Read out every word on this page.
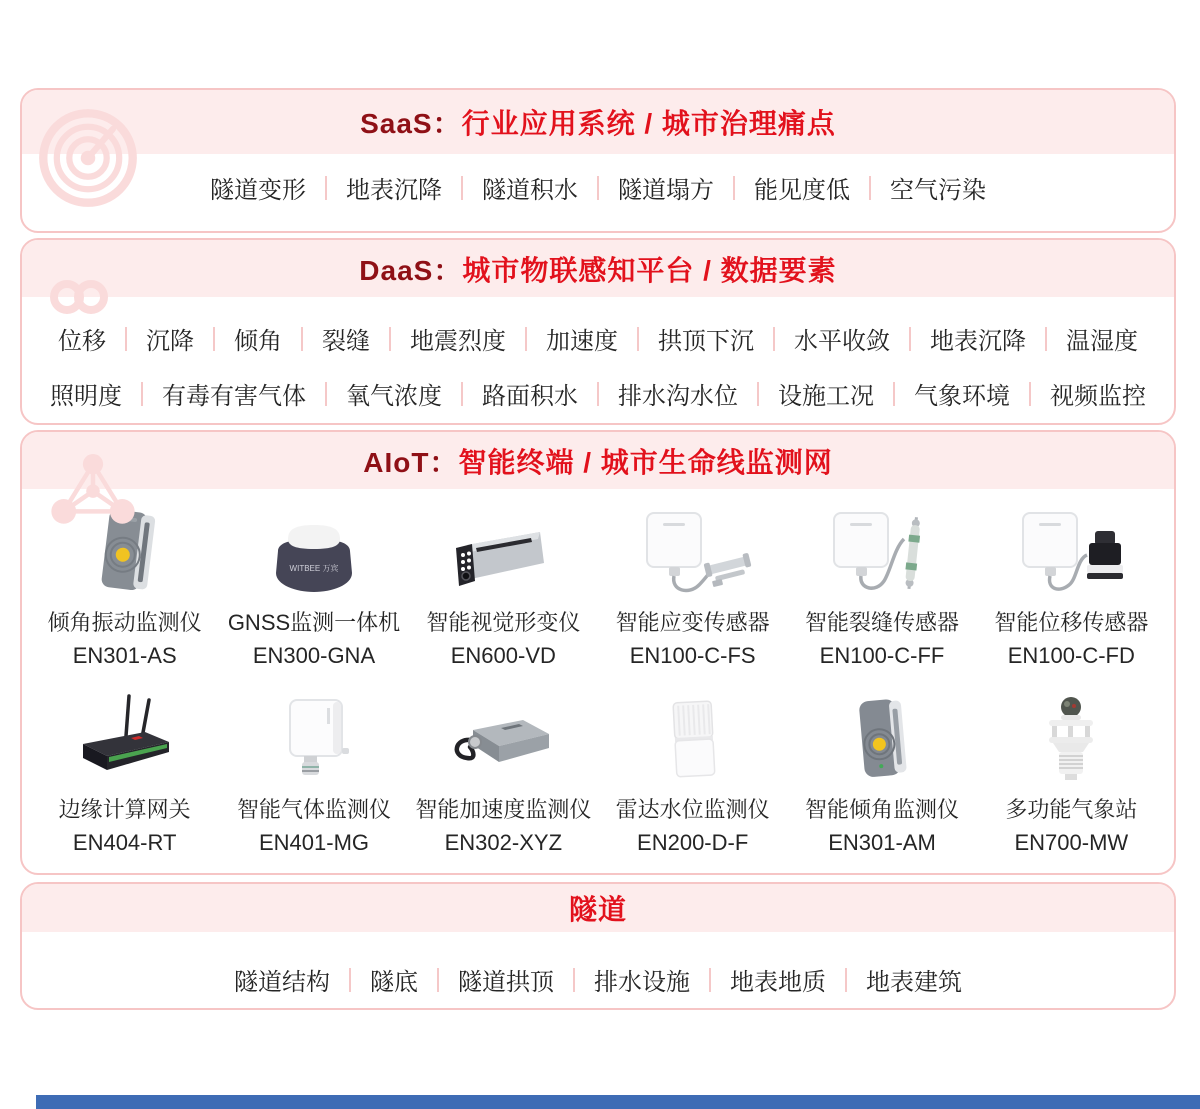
SaaS：行业应用系统 / 城市治理痛点
隧道变形	地表沉降	隧道积水	隧道塌方	能见度低	空气污染
DaaS：城市物联感知平台 / 数据要素
位移	沉降	倾角	裂缝	地震烈度	加速度	拱顶下沉	水平收敛	地表沉降	温湿度
照明度	有毒有害气体	氧气浓度	路面积水	排水沟水位	设施工况	气象环境	视频监控
AIoT：智能终端 / 城市生命线监测网
倾角振动监测仪
EN301-AS
WITBEE 万宾
GNSS监测一体机
EN300-GNA
智能视觉形变仪
EN600-VD
智能应变传感器
EN100-C-FS
智能裂缝传感器
EN100-C-FF
智能位移传感器
EN100-C-FD
边缘计算网关
EN404-RT
智能气体监测仪
EN401-MG
智能加速度监测仪
EN302-XYZ
雷达水位监测仪
EN200-D-F
智能倾角监测仪
EN301-AM
多功能气象站
EN700-MW
隧道
隧道结构	隧底	隧道拱顶	排水设施	地表地质	地表建筑
